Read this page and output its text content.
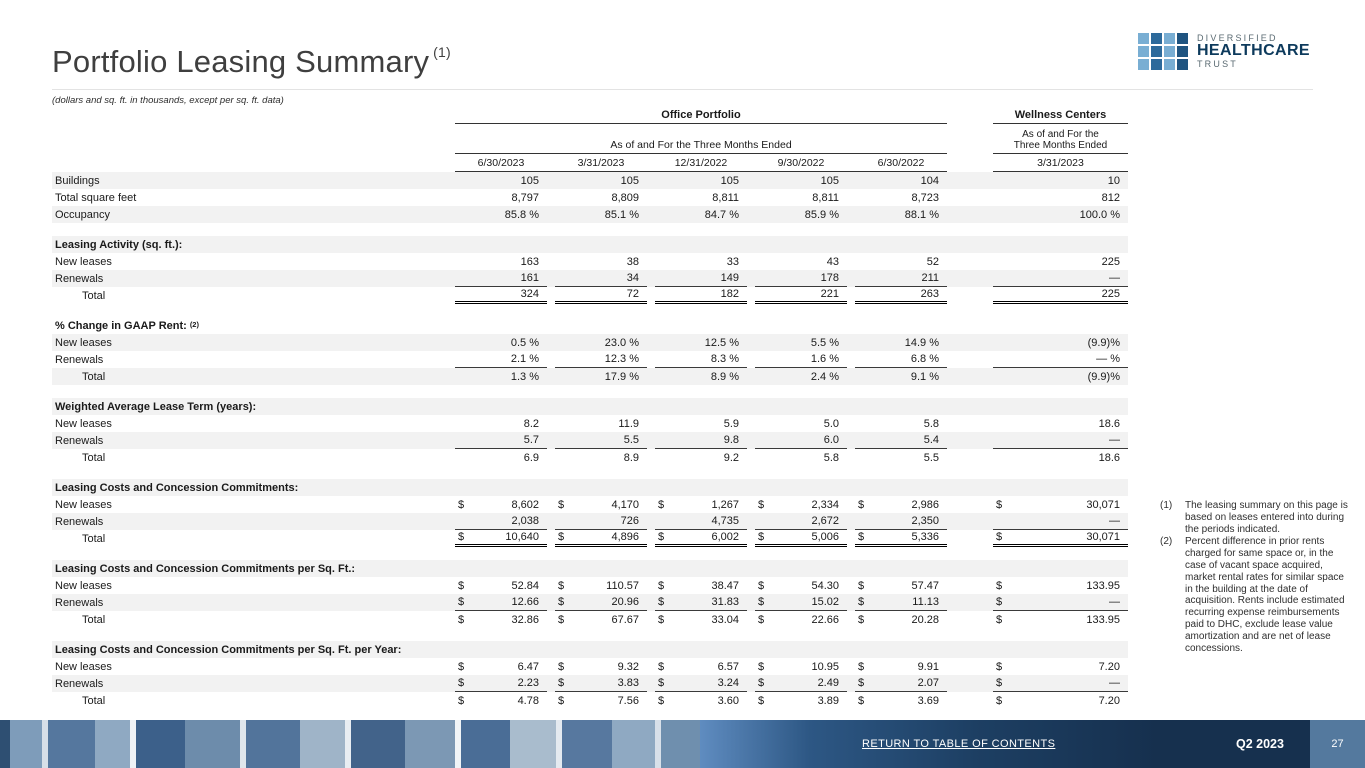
Portfolio Leasing Summary $^{(1)}$
(dollars and sq. ft. in thousands, except per sq. ft. data)
DIVERSIFIED
HEALTHCARE
TRUST
Office Portfolio	Wellness Centers
As of and For the Three Months Ended
As of and For the
Three Months Ended
6/30/2023	3/31/2023	12/31/2022	9/30/2022	6/30/2022	3/31/2023
Buildings	105	105	105	105	104	10
Total square feet	8,797	8,809	8,811	8,811	8,723	812
Occupancy	85.8 %	85.1 %	84.7 %	85.9 %	88.1 %	100.0 %
Leasing Activity (sq. ft.):
New leases	163	38	33	43	52	225
Renewals	161	34	149	178	211	—
Total	324	72	182	221	263	225
% Change in GAAP Rent: $^{(2)}$
New leases	0.5 %	23.0 %	12.5 %	5.5 %	14.9 %	(9.9)%
Renewals	2.1 %	12.3 %	8.3 %	1.6 %	6.8 %	— %
Total	1.3 %	17.9 %	8.9 %	2.4 %	9.1 %	(9.9)%
Weighted Average Lease Term (years):
New leases	8.2	11.9	5.9	5.0	5.8	18.6
Renewals	5.7	5.5	9.8	6.0	5.4	—
Total	6.9	8.9	9.2	5.8	5.5	18.6
Leasing Costs and Concession Commitments:
New leases	$	8,602 $	4,170 $	1,267 $	2,334 $	2,986	$	30,071
Renewals	2,038	726	4,735	2,672	2,350	—
Total	$	10,640 $	4,896 $	6,002 $	5,006 $	5,336	$	30,071
Leasing Costs and Concession Commitments per Sq. Ft.:
New leases	$	52.84 $	110.57 $	38.47 $	54.30 $	57.47	$	133.95
Renewals	$	12.66 $	20.96 $	31.83 $	15.02 $	11.13	$	—
Total	$	32.86 $	67.67 $	33.04 $	22.66 $	20.28	$	133.95
Leasing Costs and Concession Commitments per Sq. Ft. per Year:
New leases	$	6.47 $	9.32 $	6.57 $	10.95 $	9.91	$	7.20
Renewals	$	2.23 $	3.83 $	3.24 $	2.49 $	2.07	$	—
Total	$	4.78 $	7.56 $	3.60 $	3.89 $	3.69	$	7.20
(1)	The leasing summary on this page is based on leases entered into during the periods indicated.
(2)	Percent difference in prior rents charged for same space or, in the case of vacant space acquired, market rental rates for similar space in the building at the date of acquisition. Rents include estimated recurring expense reimbursements paid to DHC, exclude lease value amortization and are net of lease concessions.
RETURN TO TABLE OF CONTENTS	Q2 2023	27
